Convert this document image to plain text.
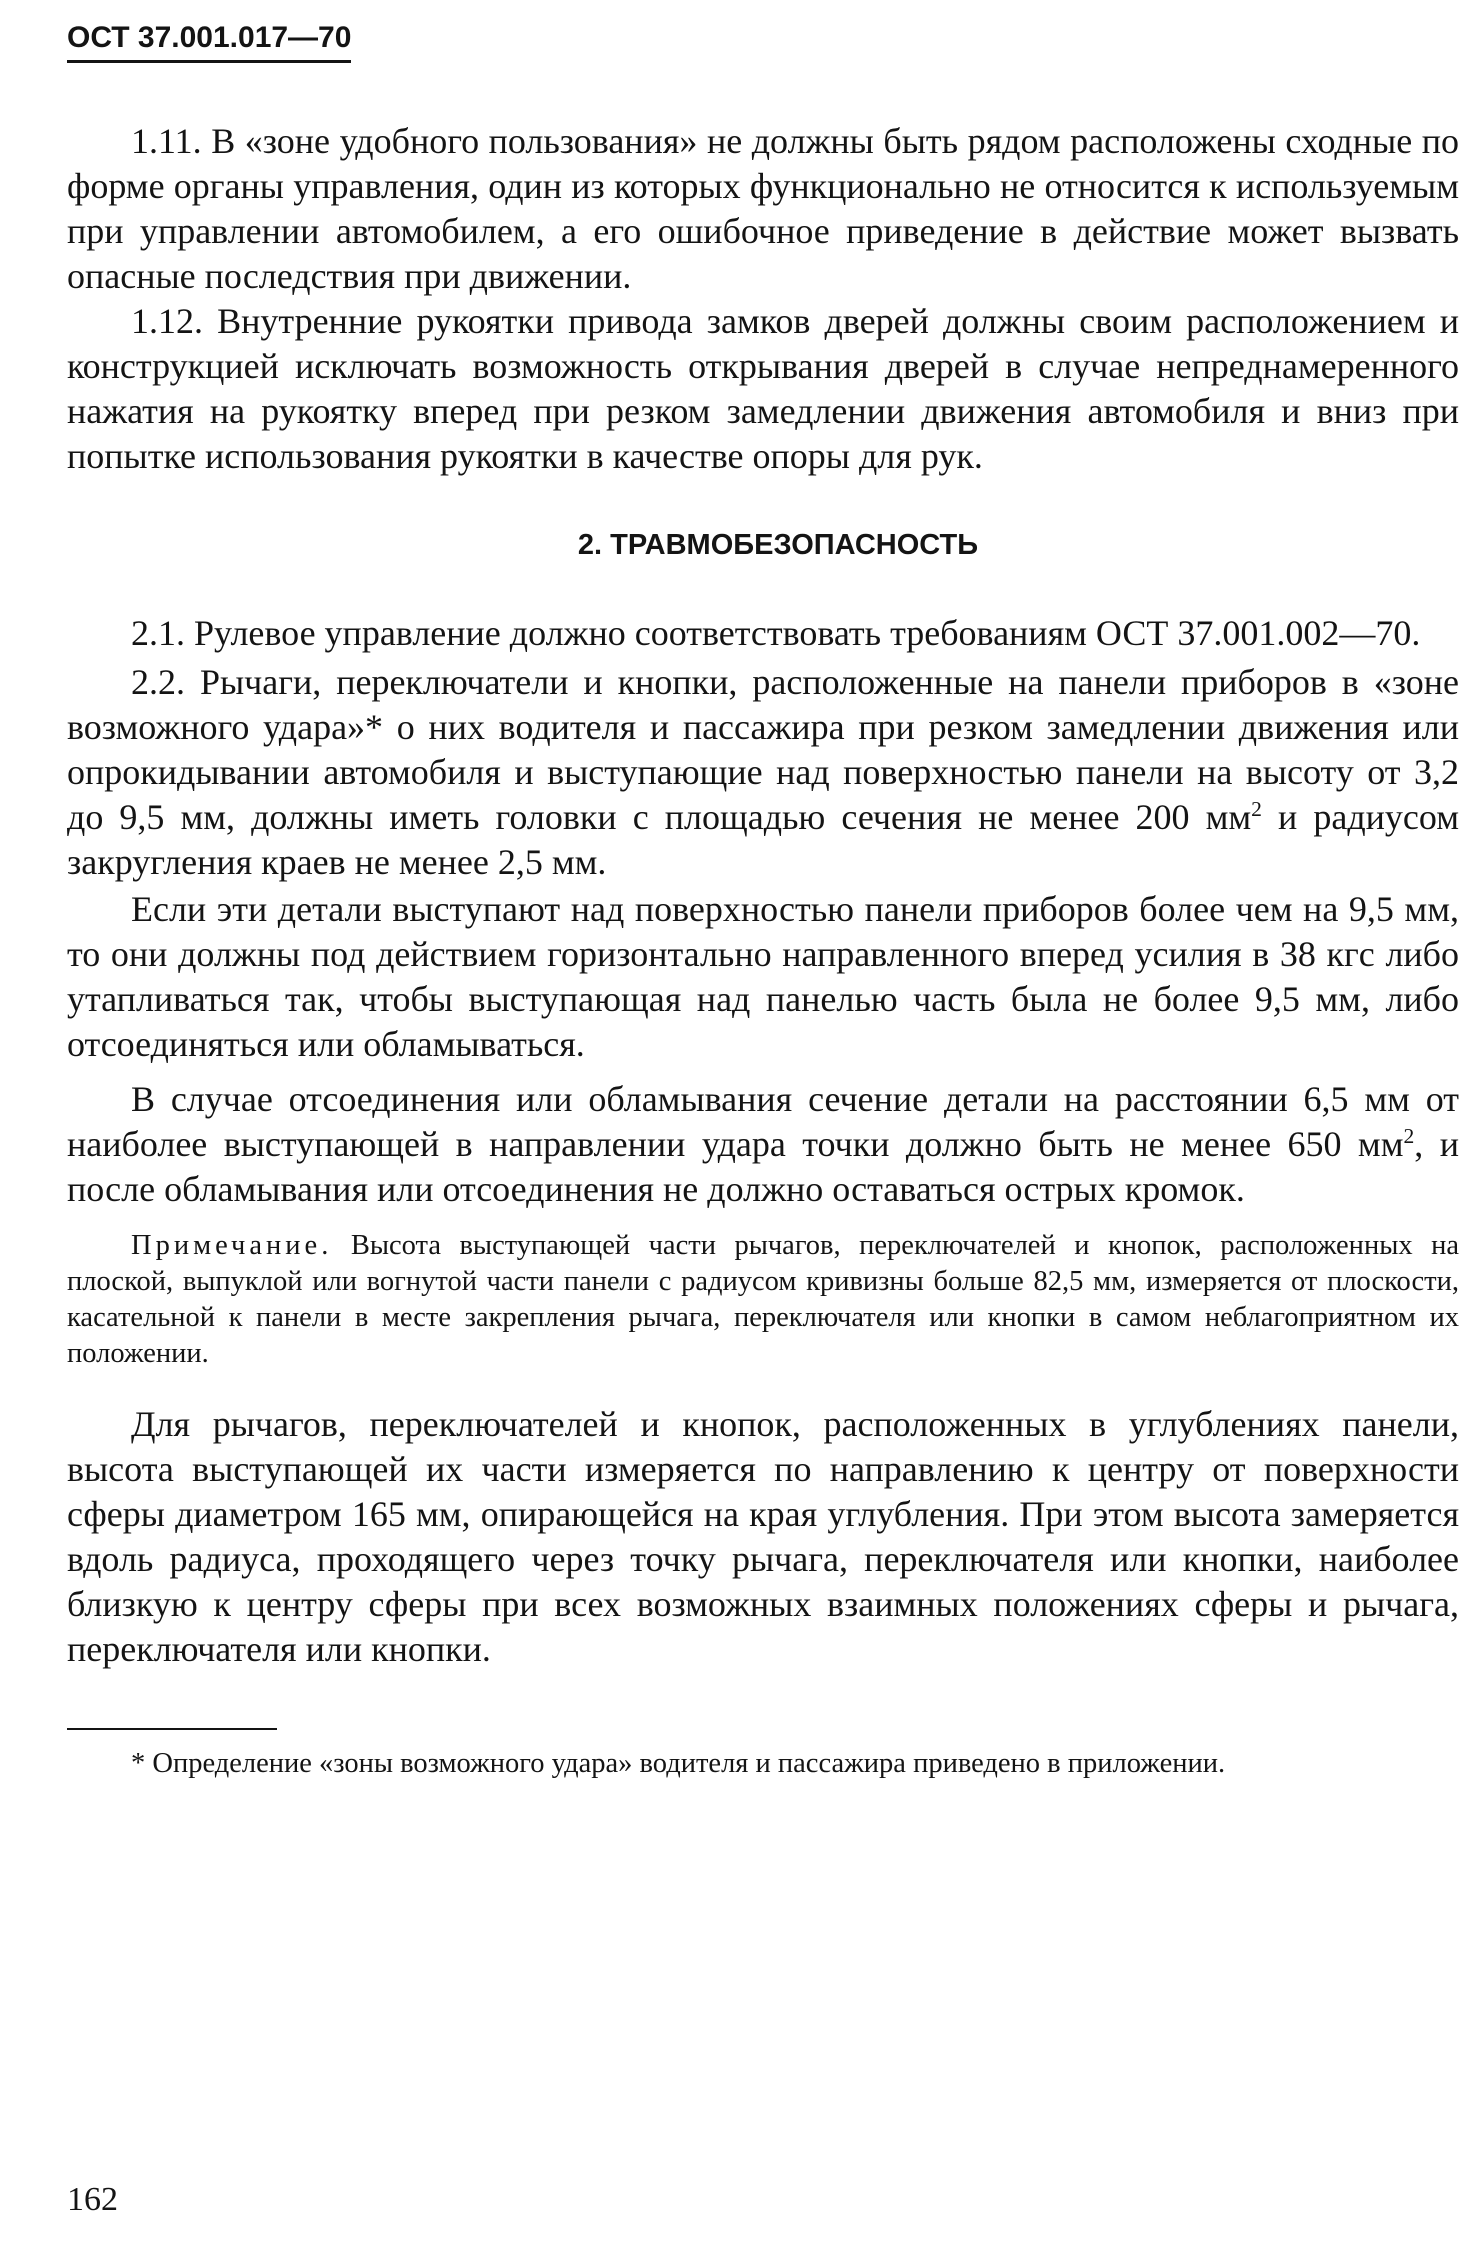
ОСТ 37.001.017—70

1.11. В «зоне удобного пользования» не должны быть рядом расположены сходные по форме органы управления, один из которых функционально не относится к используемым при управлении автомобилем, а его ошибочное приведение в действие может вызвать опасные последствия при движении.

1.12. Внутренние рукоятки привода замков дверей должны своим расположением и конструкцией исключать возможность открывания дверей в случае непреднамеренного нажатия на рукоятку вперед при резком замедлении движения автомобиля и вниз при попытке использования рукоятки в качестве опоры для рук.

2. ТРАВМОБЕЗОПАСНОСТЬ

2.1. Рулевое управление должно соответствовать требованиям ОСТ 37.001.002—70.

2.2. Рычаги, переключатели и кнопки, расположенные на панели приборов в «зоне возможного удара»* о них водителя и пассажира при резком замедлении движения или опрокидывании автомобиля и выступающие над поверхностью панели на высоту от 3,2 до 9,5 мм, должны иметь головки с площадью сечения не менее 200 $мм^2$ и радиусом закругления краев не менее 2,5 мм.

Если эти детали выступают над поверхностью панели приборов более чем на 9,5 мм, то они должны под действием горизонтально направленного вперед усилия в 38 кгс либо утапливаться так, чтобы выступающая над панелью часть была не более 9,5 мм, либо отсоединяться или обламываться.

В случае отсоединения или обламывания сечение детали на расстоянии 6,5 мм от наиболее выступающей в направлении удара точки должно быть не менее 650 $мм^2$, и после обламывания или отсоединения не должно оставаться острых кромок.

Примечание. Высота выступающей части рычагов, переключателей и кнопок, расположенных на плоской, выпуклой или вогнутой части панели с радиусом кривизны больше 82,5 мм, измеряется от плоскости, касательной к панели в месте закрепления рычага, переключателя или кнопки в самом неблагоприятном их положении.

Для рычагов, переключателей и кнопок, расположенных в углублениях панели, высота выступающей их части измеряется по направлению к центру от поверхности сферы диаметром 165 мм, опирающейся на края углубления. При этом высота замеряется вдоль радиуса, проходящего через точку рычага, переключателя или кнопки, наиболее близкую к центру сферы при всех возможных взаимных положениях сферы и рычага, переключателя или кнопки.

* Определение «зоны возможного удара» водителя и пассажира приведено в приложении.

162
